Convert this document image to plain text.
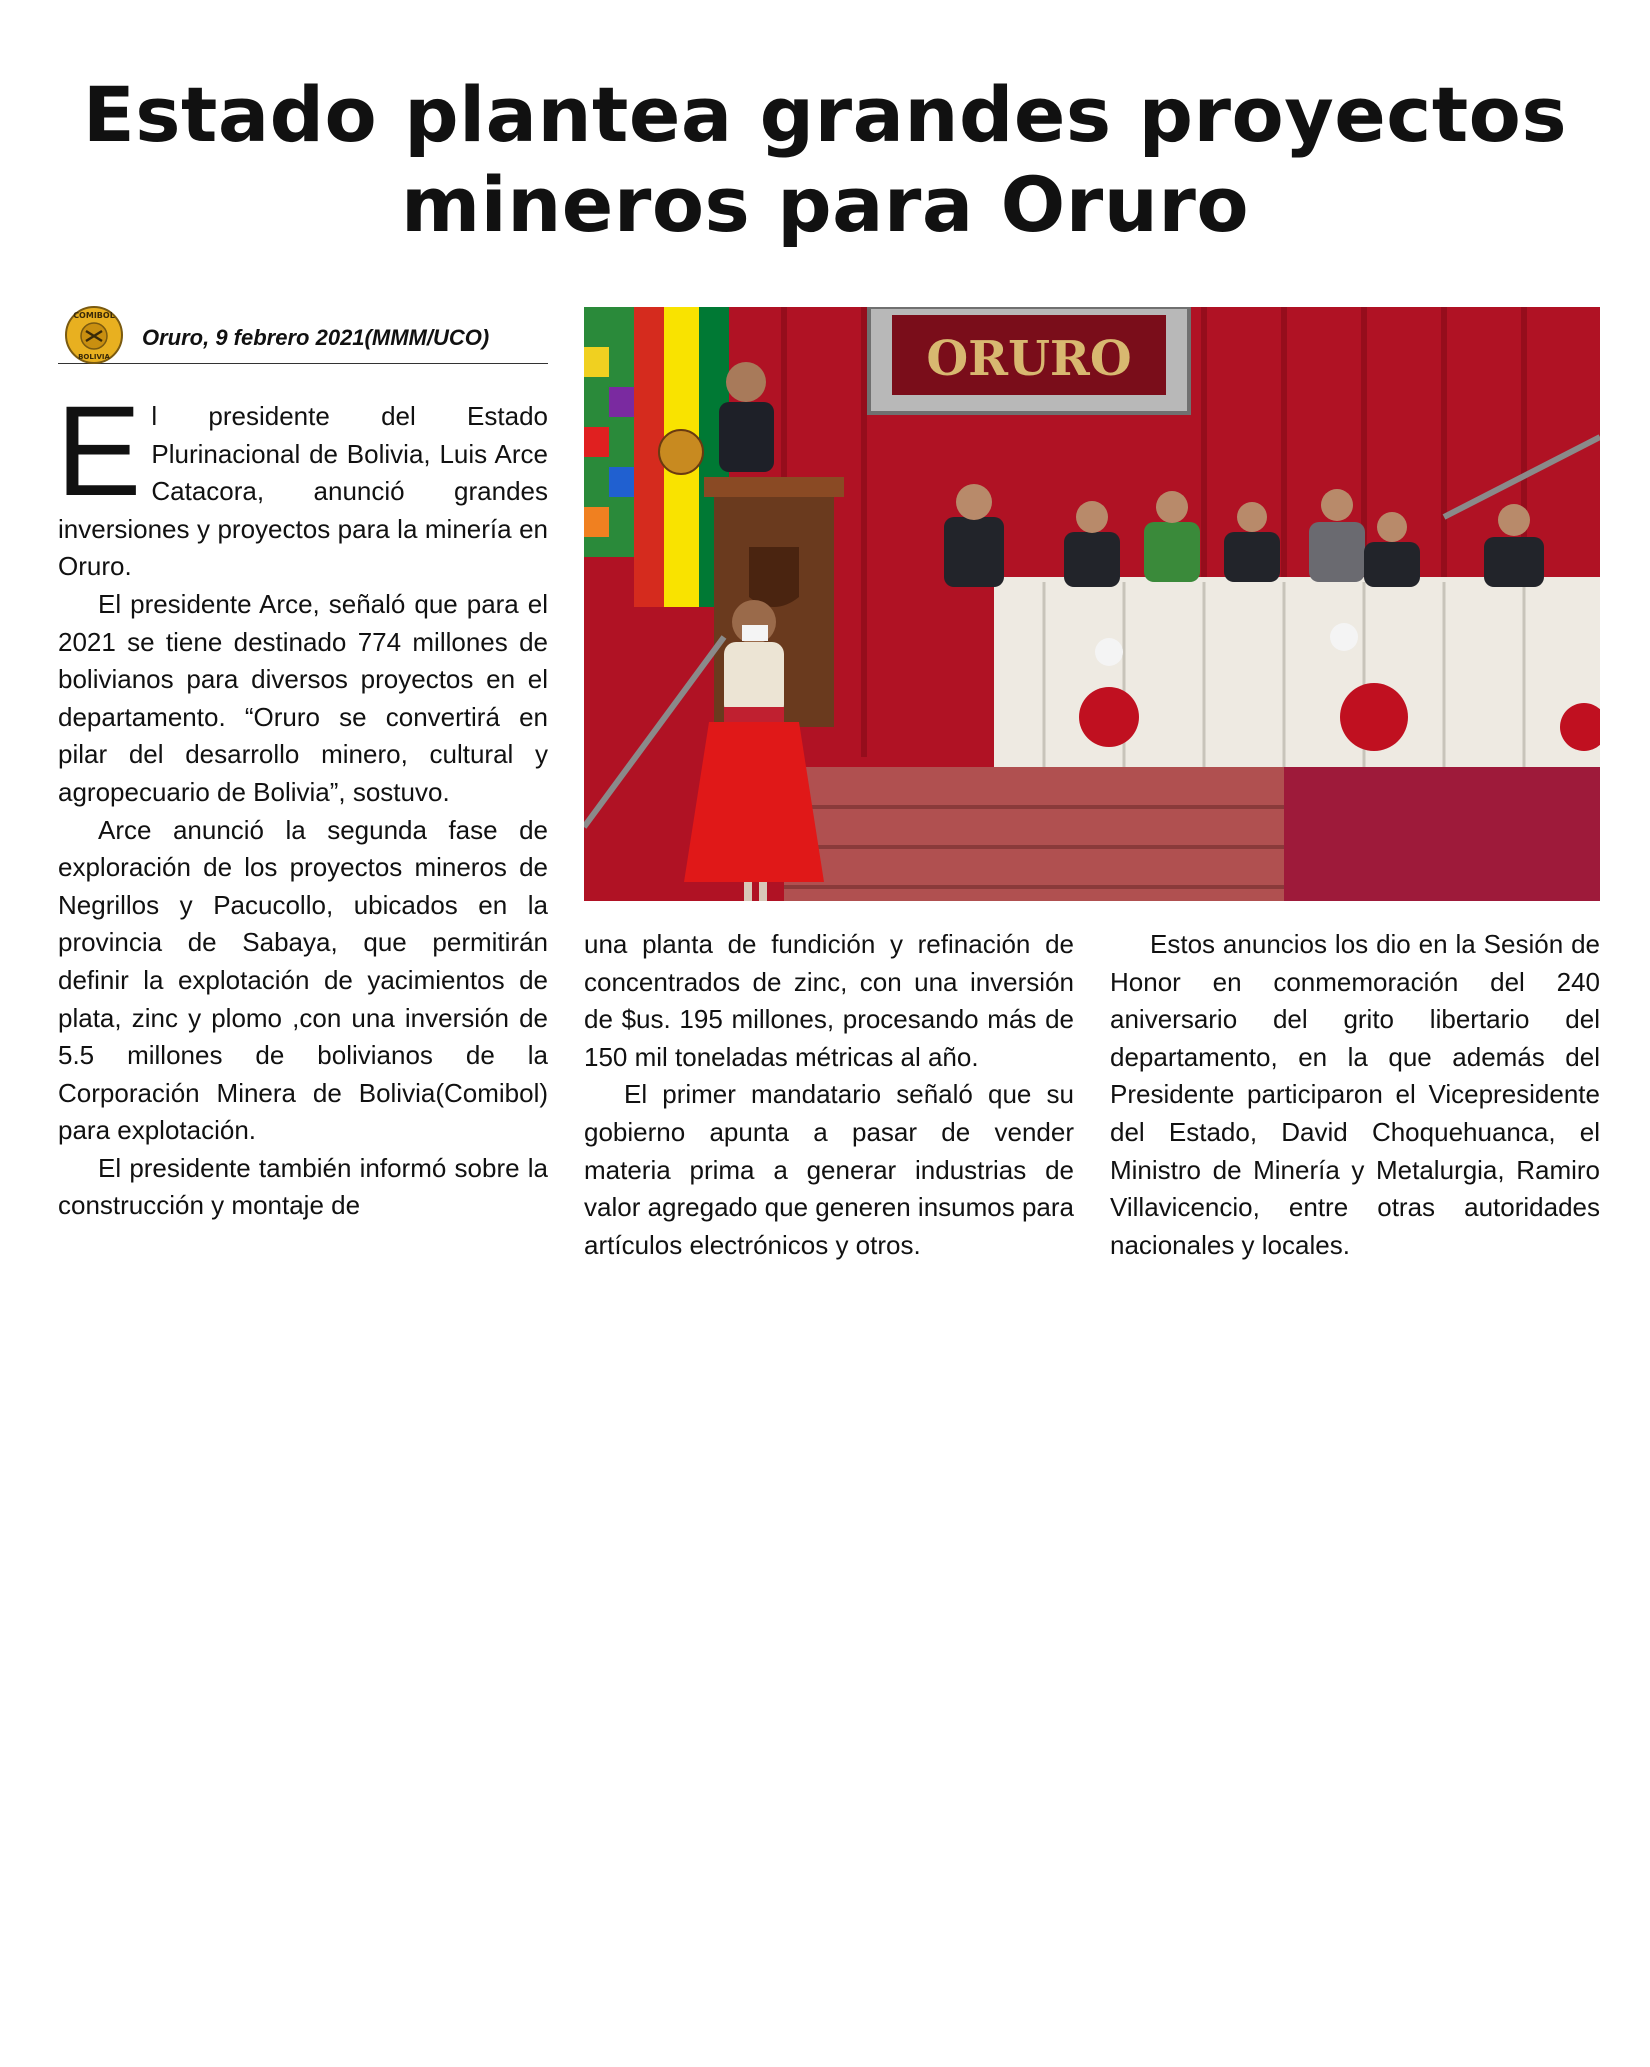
Estado plantea grandes proyectos
mineros para Oruro
COMIBOL
BOLIVIA
Oruro, 9 febrero 2021(MMM/UCO)

El presidente del Estado Plurinacional de Bolivia, Luis Arce Catacora, anunció grandes inversiones y proyectos para la minería en Oruro.

El presidente Arce, señaló que para el 2021 se tiene destinado 774 millones de bolivianos para diversos proyectos en el departamento. “Oruro se convertirá en pilar del desarrollo minero, cultural y agropecuario de Bolivia”, sostuvo.

Arce anunció la segunda fase de exploración de los proyectos mineros de Negrillos y Pacucollo, ubicados en la provincia de Sabaya, que permitirán definir la explotación de yacimientos de plata, zinc y plomo ,con una inversión de 5.5 millones de bolivianos de la Corporación Minera de Bolivia(Comibol) para explotación.

El presidente también informó sobre la construcción y montaje de

ORURO

una planta de fundición y refinación de concentrados de zinc, con una inversión de $us. 195 millones, procesando más de 150 mil toneladas métricas al año.

El primer mandatario señaló que su gobierno apunta a pasar de vender materia prima a generar industrias de valor agregado que generen insumos para artículos electrónicos y otros.

Estos anuncios los dio en la Sesión de Honor en conmemoración del 240 aniversario del grito libertario del departamento, en la que además del Presidente participaron el Vicepresidente del Estado, David Choquehuanca, el Ministro de Minería y Metalurgia, Ramiro Villavicencio, entre otras autoridades nacionales y locales.
